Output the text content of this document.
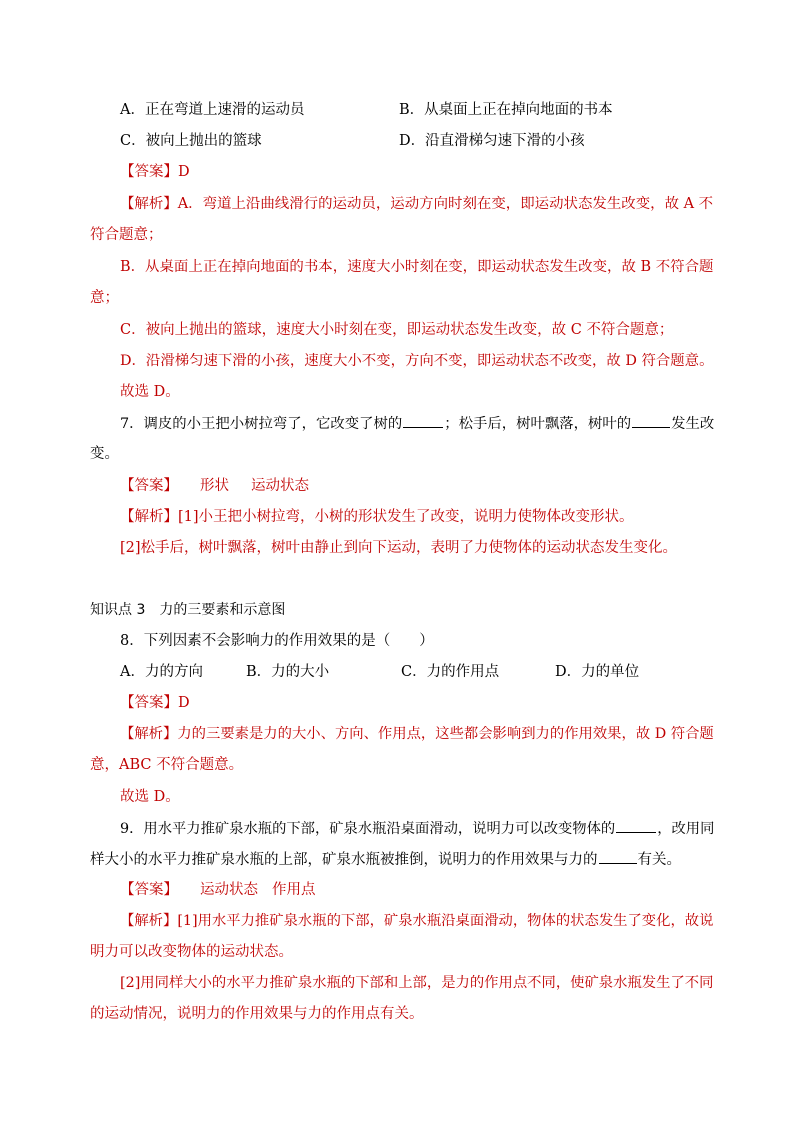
A．正在弯道上速滑的运动员	B．从桌面上正在掉向地面的书本
C．被向上抛出的篮球	D．沿直滑梯匀速下滑的小孩
【答案】D
【解析】A．弯道上沿曲线滑行的运动员，运动方向时刻在变，即运动状态发生改变，故 A 不
符合题意；
B．从桌面上正在掉向地面的书本，速度大小时刻在变，即运动状态发生改变，故 B 不符合题
意；
C．被向上抛出的篮球，速度大小时刻在变，即运动状态发生改变，故 C 不符合题意；
D．沿滑梯匀速下滑的小孩，速度大小不变，方向不变，即运动状态不改变，故 D 符合题意。
故选 D。
7．调皮的小王把小树拉弯了，它改变了树的	；松手后，树叶飘落，树叶的	发生改
变。
【答案】 形状 运动状态
【解析】[1]小王把小树拉弯，小树的形状发生了改变，说明力使物体改变形状。
[2]松手后，树叶飘落，树叶由静止到向下运动，表明了力使物体的运动状态发生变化。
知识点 3　力的三要素和示意图
8．下列因素不会影响力的作用效果的是（　　）
A．力的方向	B．力的大小	C．力的作用点	D．力的单位
【答案】D
【解析】力的三要素是力的大小、方向、作用点，这些都会影响到力的作用效果，故 D 符合题
意，ABC 不符合题意。
故选 D。
9．用水平力推矿泉水瓶的下部，矿泉水瓶沿桌面滑动，说明力可以改变物体的	，改用同
样大小的水平力推矿泉水瓶的上部，矿泉水瓶被推倒，说明力的作用效果与力的	有关。
【答案】 运动状态 作用点
【解析】[1]用水平力推矿泉水瓶的下部，矿泉水瓶沿桌面滑动，物体的状态发生了变化，故说
明力可以改变物体的运动状态。
[2]用同样大小的水平力推矿泉水瓶的下部和上部，是力的作用点不同，使矿泉水瓶发生了不同
的运动情况，说明力的作用效果与力的作用点有关。
